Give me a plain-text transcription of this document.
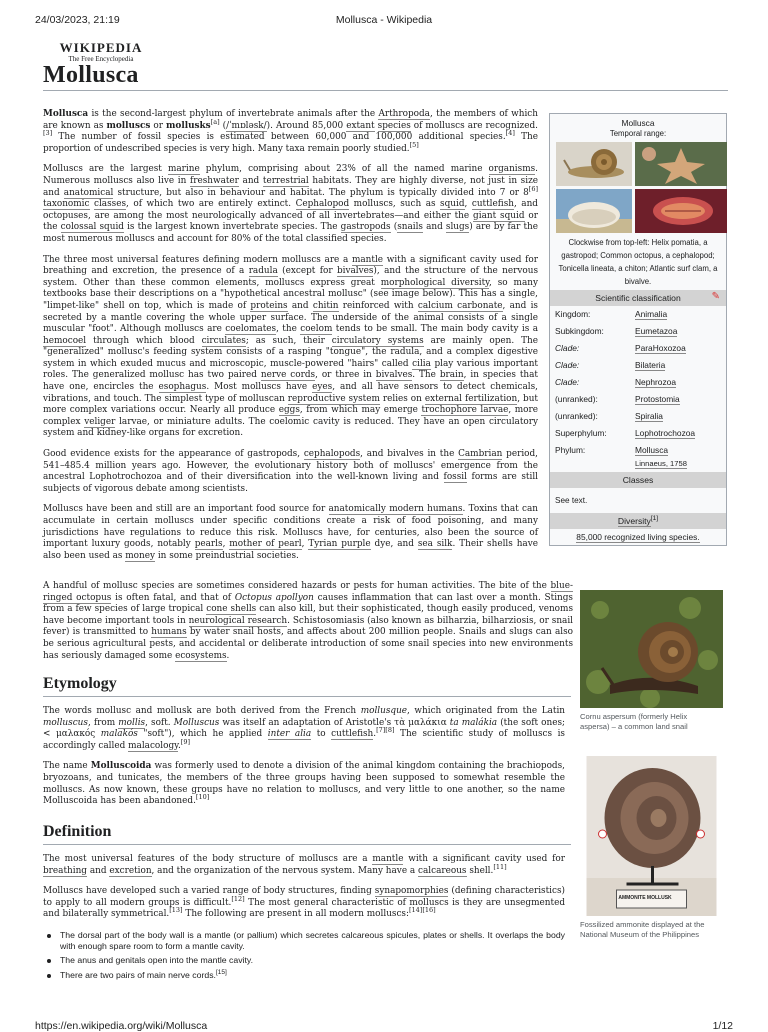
24/03/2023, 21:19	Mollusca - Wikipedia
WIKIPEDIA
The Free Encyclopedia
Mollusca

Mollusca is the second-largest phylum of invertebrate animals after the Arthropoda, the members of which are known as molluscs or mollusks[a] (/ˈmɒləsk/). Around 85,000 extant species of molluscs are recognized.[3] The number of fossil species is estimated between 60,000 and 100,000 additional species.[4] The proportion of undescribed species is very high. Many taxa remain poorly studied.[5]

Molluscs are the largest marine phylum, comprising about 23% of all the named marine organisms. Numerous molluscs also live in freshwater and terrestrial habitats. They are highly diverse, not just in size and anatomical structure, but also in behaviour and habitat. The phylum is typically divided into 7 or 8[6] taxonomic classes, of which two are entirely extinct. Cephalopod molluscs, such as squid, cuttlefish, and octopuses, are among the most neurologically advanced of all invertebrates—and either the giant squid or the colossal squid is the largest known invertebrate species. The gastropods (snails and slugs) are by far the most numerous molluscs and account for 80% of the total classified species.

The three most universal features defining modern molluscs are a mantle with a significant cavity used for breathing and excretion, the presence of a radula (except for bivalves), and the structure of the nervous system. Other than these common elements, molluscs express great morphological diversity, so many textbooks base their descriptions on a "hypothetical ancestral mollusc" (see image below). This has a single, "limpet-like" shell on top, which is made of proteins and chitin reinforced with calcium carbonate, and is secreted by a mantle covering the whole upper surface. The underside of the animal consists of a single muscular "foot". Although molluscs are coelomates, the coelom tends to be small. The main body cavity is a hemocoel through which blood circulates; as such, their circulatory systems are mainly open. The "generalized" mollusc's feeding system consists of a rasping "tongue", the radula, and a complex digestive system in which exuded mucus and microscopic, muscle-powered "hairs" called cilia play various important roles. The generalized mollusc has two paired nerve cords, or three in bivalves. The brain, in species that have one, encircles the esophagus. Most molluscs have eyes, and all have sensors to detect chemicals, vibrations, and touch. The simplest type of molluscan reproductive system relies on external fertilization, but more complex variations occur. Nearly all produce eggs, from which may emerge trochophore larvae, more complex veliger larvae, or miniature adults. The coelomic cavity is reduced. They have an open circulatory system and kidney-like organs for excretion.

Good evidence exists for the appearance of gastropods, cephalopods, and bivalves in the Cambrian period, 541–485.4 million years ago. However, the evolutionary history both of molluscs' emergence from the ancestral Lophotrochozoa and of their diversification into the well-known living and fossil forms are still subjects of vigorous debate among scientists.

Molluscs have been and still are an important food source for anatomically modern humans. Toxins that can accumulate in certain molluscs under specific conditions create a risk of food poisoning, and many jurisdictions have regulations to reduce this risk. Molluscs have, for centuries, also been the source of important luxury goods, notably pearls, mother of pearl, Tyrian purple dye, and sea silk. Their shells have also been used as money in some preindustrial societies.

A handful of mollusc species are sometimes considered hazards or pests for human activities. The bite of the blue-ringed octopus is often fatal, and that of Octopus apollyon causes inflammation that can last over a month. Stings from a few species of large tropical cone shells can also kill, but their sophisticated, though easily produced, venoms have become important tools in neurological research. Schistosomiasis (also known as bilharzia, bilharziosis, or snail fever) is transmitted to humans by water snail hosts, and affects about 200 million people. Snails and slugs can also be serious agricultural pests, and accidental or deliberate introduction of some snail species into new environments has seriously damaged some ecosystems.

Etymology

The words mollusc and mollusk are both derived from the French mollusque, which originated from the Latin molluscus, from mollis, soft. Molluscus was itself an adaptation of Aristotle's τὰ μαλάκια ta malákia (the soft ones; < μαλακός malakós "soft"), which he applied inter alia to cuttlefish.[7][8] The scientific study of molluscs is accordingly called malacology.[9]

The name Molluscoida was formerly used to denote a division of the animal kingdom containing the brachiopods, bryozoans, and tunicates, the members of the three groups having been supposed to somewhat resemble the molluscs. As now known, these groups have no relation to molluscs, and very little to one another, so the name Molluscoida has been abandoned.[10]

Definition

The most universal features of the body structure of molluscs are a mantle with a significant cavity used for breathing and excretion, and the organization of the nervous system. Many have a calcareous shell.[11]

Molluscs have developed such a varied range of body structures, finding synapomorphies (defining characteristics) to apply to all modern groups is difficult.[12] The most general characteristic of molluscs is they are unsegmented and bilaterally symmetrical.[13] The following are present in all modern molluscs:[14][16]

The dorsal part of the body wall is a mantle (or pallium) which secretes calcareous spicules, plates or shells. It overlaps the body with enough spare room to form a mantle cavity.
The anus and genitals open into the mantle cavity.
There are two pairs of main nerve cords.[15]
Mollusca
Temporal range:
Clockwise from top-left: Helix pomatia, a gastropod; Common octopus, a cephalopod; Tonicella lineata, a chiton; Atlantic surf clam, a bivalve.
Scientific classification	✎
Kingdom:	Animalia
Subkingdom:	Eumetazoa
Clade:	ParaHoxozoa
Clade:	Bilateria
Clade:	Nephrozoa
(unranked):	Protostomia
(unranked):	Spiralia
Superphylum:	Lophotrochozoa
Phylum:	Mollusca
Linnaeus, 1758
Classes
See text.
Diversity[1]
85,000 recognized living species.
Cornu aspersum (formerly Helix aspersa) – a common land snail
AMMONITE MOLLUSK
Fossilized ammonite displayed at the National Museum of the Philippines
https://en.wikipedia.org/wiki/Mollusca	1/12
